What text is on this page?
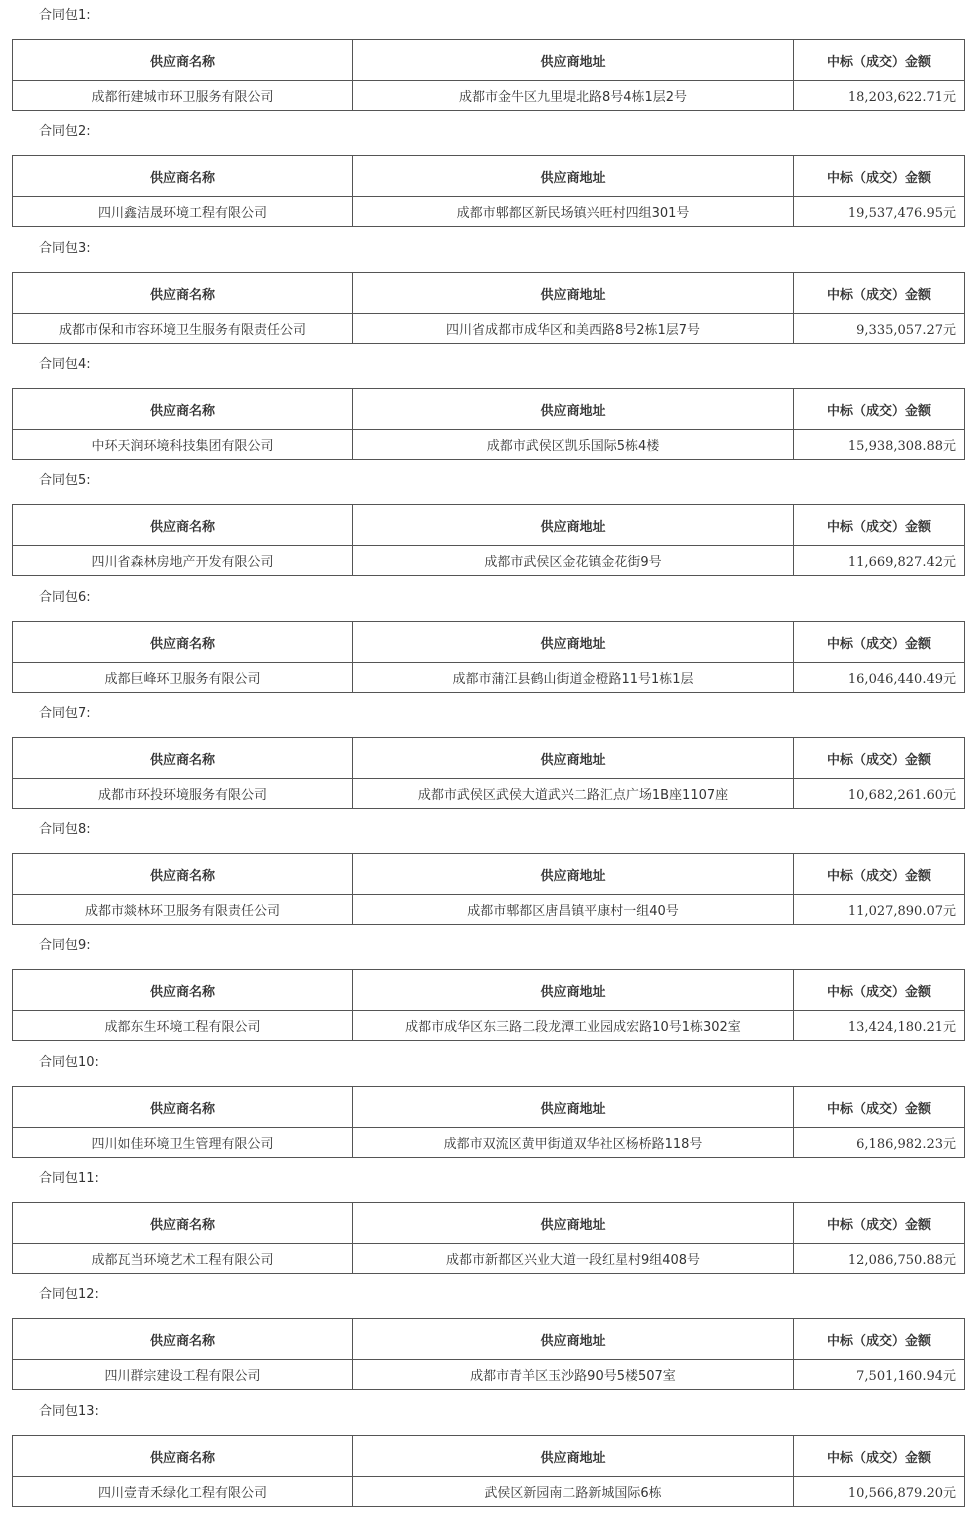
合同包1:
供应商名称	供应商地址	中标（成交）金额
成都衎建城市环卫服务有限公司	成都市金牛区九里堤北路8号4栋1层2号	18,203,622.71元
合同包2:
供应商名称	供应商地址	中标（成交）金额
四川鑫洁晟环境工程有限公司	成都市郫都区新民场镇兴旺村四组301号	19,537,476.95元
合同包3:
供应商名称	供应商地址	中标（成交）金额
成都市保和市容环境卫生服务有限责任公司	四川省成都市成华区和美西路8号2栋1层7号	9,335,057.27元
合同包4:
供应商名称	供应商地址	中标（成交）金额
中环天润环境科技集团有限公司	成都市武侯区凯乐国际5栋4楼	15,938,308.88元
合同包5:
供应商名称	供应商地址	中标（成交）金额
四川省森林房地产开发有限公司	成都市武侯区金花镇金花街9号	11,669,827.42元
合同包6:
供应商名称	供应商地址	中标（成交）金额
成都巨峰环卫服务有限公司	成都市蒲江县鹤山街道金橙路11号1栋1层	16,046,440.49元
合同包7:
供应商名称	供应商地址	中标（成交）金额
成都市环投环境服务有限公司	成都市武侯区武侯大道武兴二路汇点广场1B座1107座	10,682,261.60元
合同包8:
供应商名称	供应商地址	中标（成交）金额
成都市燚林环卫服务有限责任公司	成都市郫都区唐昌镇平康村一组40号	11,027,890.07元
合同包9:
供应商名称	供应商地址	中标（成交）金额
成都东生环境工程有限公司	成都市成华区东三路二段龙潭工业园成宏路10号1栋302室	13,424,180.21元
合同包10:
供应商名称	供应商地址	中标（成交）金额
四川如佳环境卫生管理有限公司	成都市双流区黄甲街道双华社区杨桥路118号	6,186,982.23元
合同包11:
供应商名称	供应商地址	中标（成交）金额
成都瓦当环境艺术工程有限公司	成都市新都区兴业大道一段红星村9组408号	12,086,750.88元
合同包12:
供应商名称	供应商地址	中标（成交）金额
四川群宗建设工程有限公司	成都市青羊区玉沙路90号5楼507室	7,501,160.94元
合同包13:
供应商名称	供应商地址	中标（成交）金额
四川壹青禾绿化工程有限公司	武侯区新园南二路新城国际6栋	10,566,879.20元
